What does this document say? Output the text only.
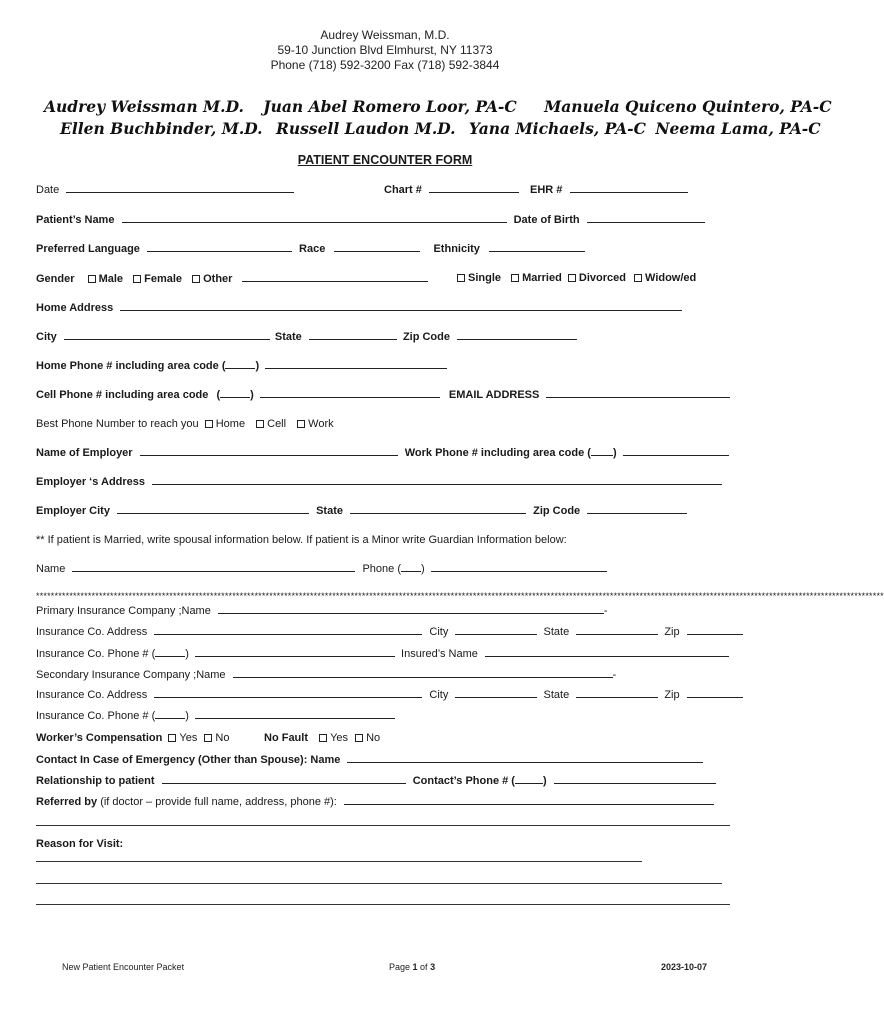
Audrey Weissman, M.D.
59-10 Junction Blvd Elmhurst, NY 11373
Phone (718) 592-3200 Fax (718) 592-3844
Audrey Weissman M.D. Juan Abel Romero Loor, PA-C Manuela Quiceno Quintero, PA-C
Ellen Buchbinder, M.D. Russell Laudon M.D. Yana Michaels, PA-C Neema Lama, PA-C
PATIENT ENCOUNTER FORM
Date	Chart #	EHR #
Patient’s Name	Date of Birth
Preferred Language	Race	Ethnicity
Gender Male Female Other	Single Married Divorced Widow/ed
Home Address
City	State	Zip Code
Home Phone # including area code (	)
Cell Phone # including area code (	)	EMAIL ADDRESS
Best Phone Number to reach you Home Cell Work
Name of Employer	Work Phone # including area code ( )
Employer ‘s Address
Employer City	State	Zip Code
** If patient is Married, write spousal information below. If patient is a Minor write Guardian Information below:
Name	Phone ( )
*************************************************************************************************************************************************************************************************************************************
Primary Insurance Company ;Name	-
Insurance Co. Address	City	State	Zip
Insurance Co. Phone # (	)	Insured’s Name
Secondary Insurance Company ;Name	-
Insurance Co. Address	City	State	Zip
Insurance Co. Phone # (	)
Worker’s Compensation Yes No	No Fault Yes No
Contact In Case of Emergency (Other than Spouse): Name
Relationship to patient	Contact’s Phone # (	)
Referred by (if doctor – provide full name, address, phone #):
Reason for Visit:
New Patient Encounter Packet	Page 1 of 3	2023-10-07
